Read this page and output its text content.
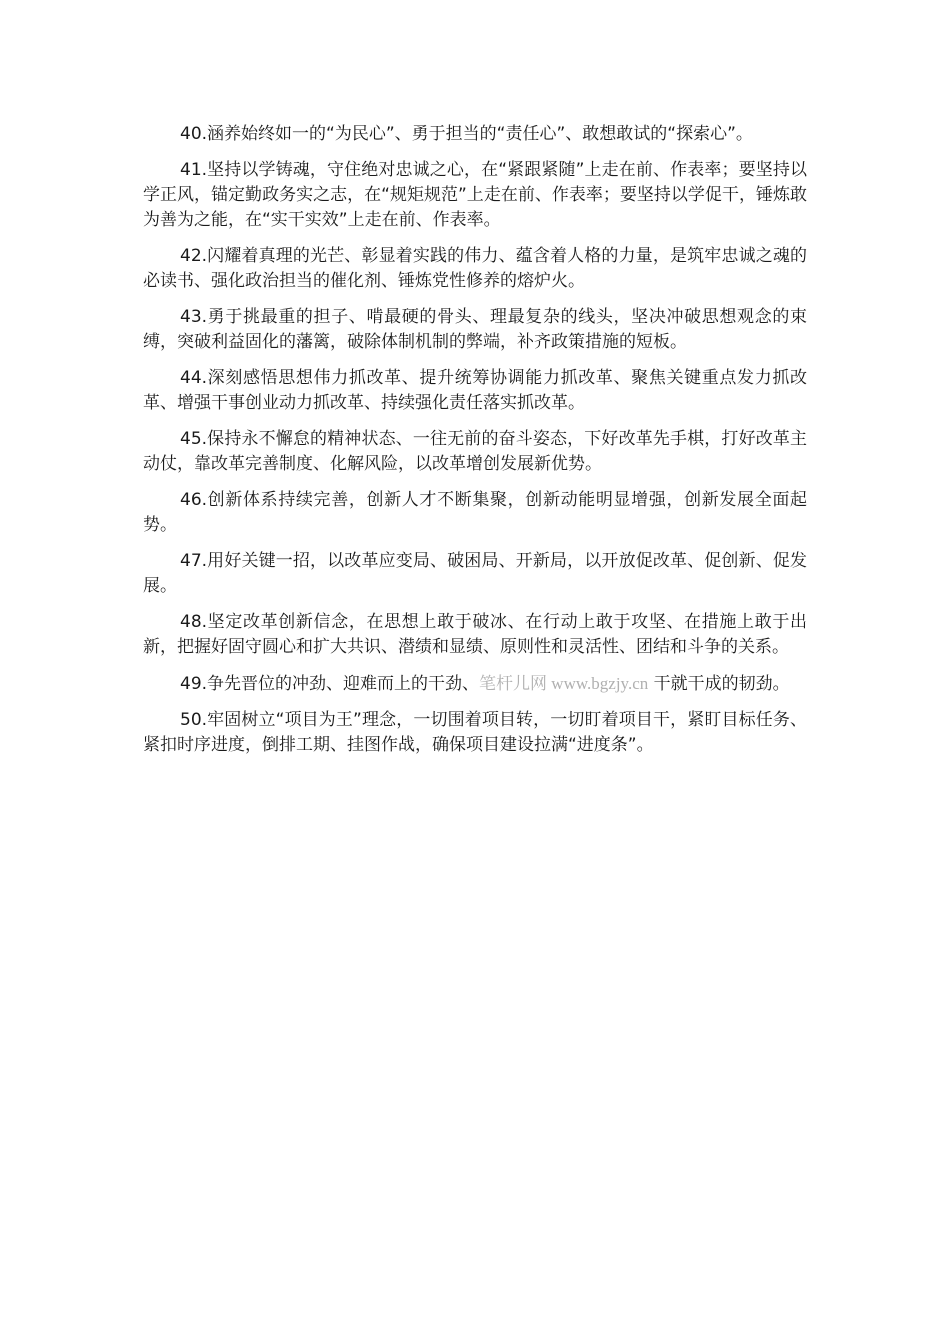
40.涵养始终如一的“为民心”、勇于担当的“责任心”、敢想敢试的“探索心”。

41.坚持以学铸魂，守住绝对忠诚之心，在“紧跟紧随”上走在前、作表率；要坚持以学正风，锚定勤政务实之志，在“规矩规范”上走在前、作表率；要坚持以学促干，锤炼敢为善为之能，在“实干实效”上走在前、作表率。

42.闪耀着真理的光芒、彰显着实践的伟力、蕴含着人格的力量，是筑牢忠诚之魂的必读书、强化政治担当的催化剂、锤炼党性修养的熔炉火。

43.勇于挑最重的担子、啃最硬的骨头、理最复杂的线头，坚决冲破思想观念的束缚，突破利益固化的藩篱，破除体制机制的弊端，补齐政策措施的短板。

44.深刻感悟思想伟力抓改革、提升统筹协调能力抓改革、聚焦关键重点发力抓改革、增强干事创业动力抓改革、持续强化责任落实抓改革。

45.保持永不懈怠的精神状态、一往无前的奋斗姿态，下好改革先手棋，打好改革主动仗，靠改革完善制度、化解风险，以改革增创发展新优势。

46.创新体系持续完善，创新人才不断集聚，创新动能明显增强，创新发展全面起势。

47.用好关键一招，以改革应变局、破困局、开新局，以开放促改革、促创新、促发展。

48.坚定改革创新信念，在思想上敢于破冰、在行动上敢于攻坚、在措施上敢于出新，把握好固守圆心和扩大共识、潜绩和显绩、原则性和灵活性、团结和斗争的关系。

49.争先晋位的冲劲、迎难而上的干劲、笔杆儿网 www.bgzjy.cn 干就干成的韧劲。

50.牢固树立“项目为王”理念，一切围着项目转，一切盯着项目干，紧盯目标任务、紧扣时序进度，倒排工期、挂图作战，确保项目建设拉满“进度条”。
